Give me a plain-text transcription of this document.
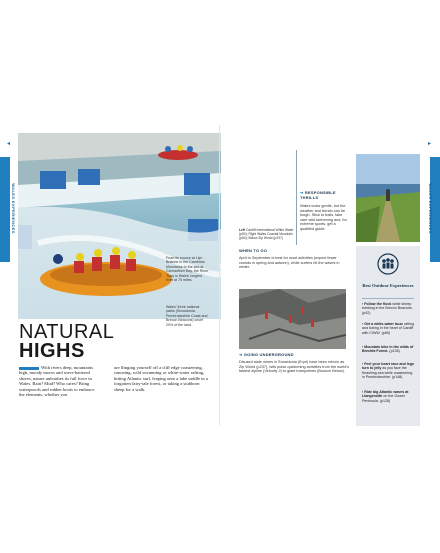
WALES EXPERIENCES	WALES EXPERIENCES
◂	▸
From its source at Llyn Brianne in the Cambrian Mountains to the sea at Carmarthen Bay, the River Towy is Wales' longest river at 75 miles.
Wales' three national parks (Snowdonia, Pembrokeshire Coast and Brecon Beacons) cover 20% of the land.
NATURAL
HIGHS
With rivers deep, mountains high, moody moors and wave-battered shores, nature unleashes its full force in Wales. Rain? Mud? Who cares? Bring waterproofs and rubber boots to embrace the elements, whether you
are flinging yourself off a cliff edge coasteering, canoeing, wild swimming or white-water rafting, hitting Atlantic surf, leaping onto a lake saddle in a forgotten fairy-tale forest, or taking a stubborn sheep for a walk.
Left Cardiff International White Water (p90); Right Wales Coastal Mountain (p54); Below Zip World (p237)
➜ RESPONSIBLE THRILLS
Wales looks gentle, but the weather and terrain can be tough. Stick to trails, take care wild swimming and, for extreme sports, get a qualified guide.
WHEN TO GO
April to September is best for most activities (expect fewer crowds in spring and autumn), while surfers hit the waves in winter.
Best Outdoor Experiences
› Follow the flock while sheep trekking in the Brecon Beacons. (p92)
› Get a white-water buzz rafting and tubing in the heart of Cardiff with CIWW. (p89)
› Mountain bike in the wilds of Brechfa Forest. (p136)
› Feel your heart race and legs turn to jelly as you face the thrashing sea while coasteering in Pembrokeshire. (p148)
› Ride big Atlantic waves at Llangennith on the Gower Peninsula. (p128)
➜ GOING UNDERGROUND
Disused slate mines in Snowdonia (Eryri) have been reborn as Zip World (p237), with pulse-quickening activities from the world's fastest zipline (Velocity 2) to giant trampolines (Bounce Below).
